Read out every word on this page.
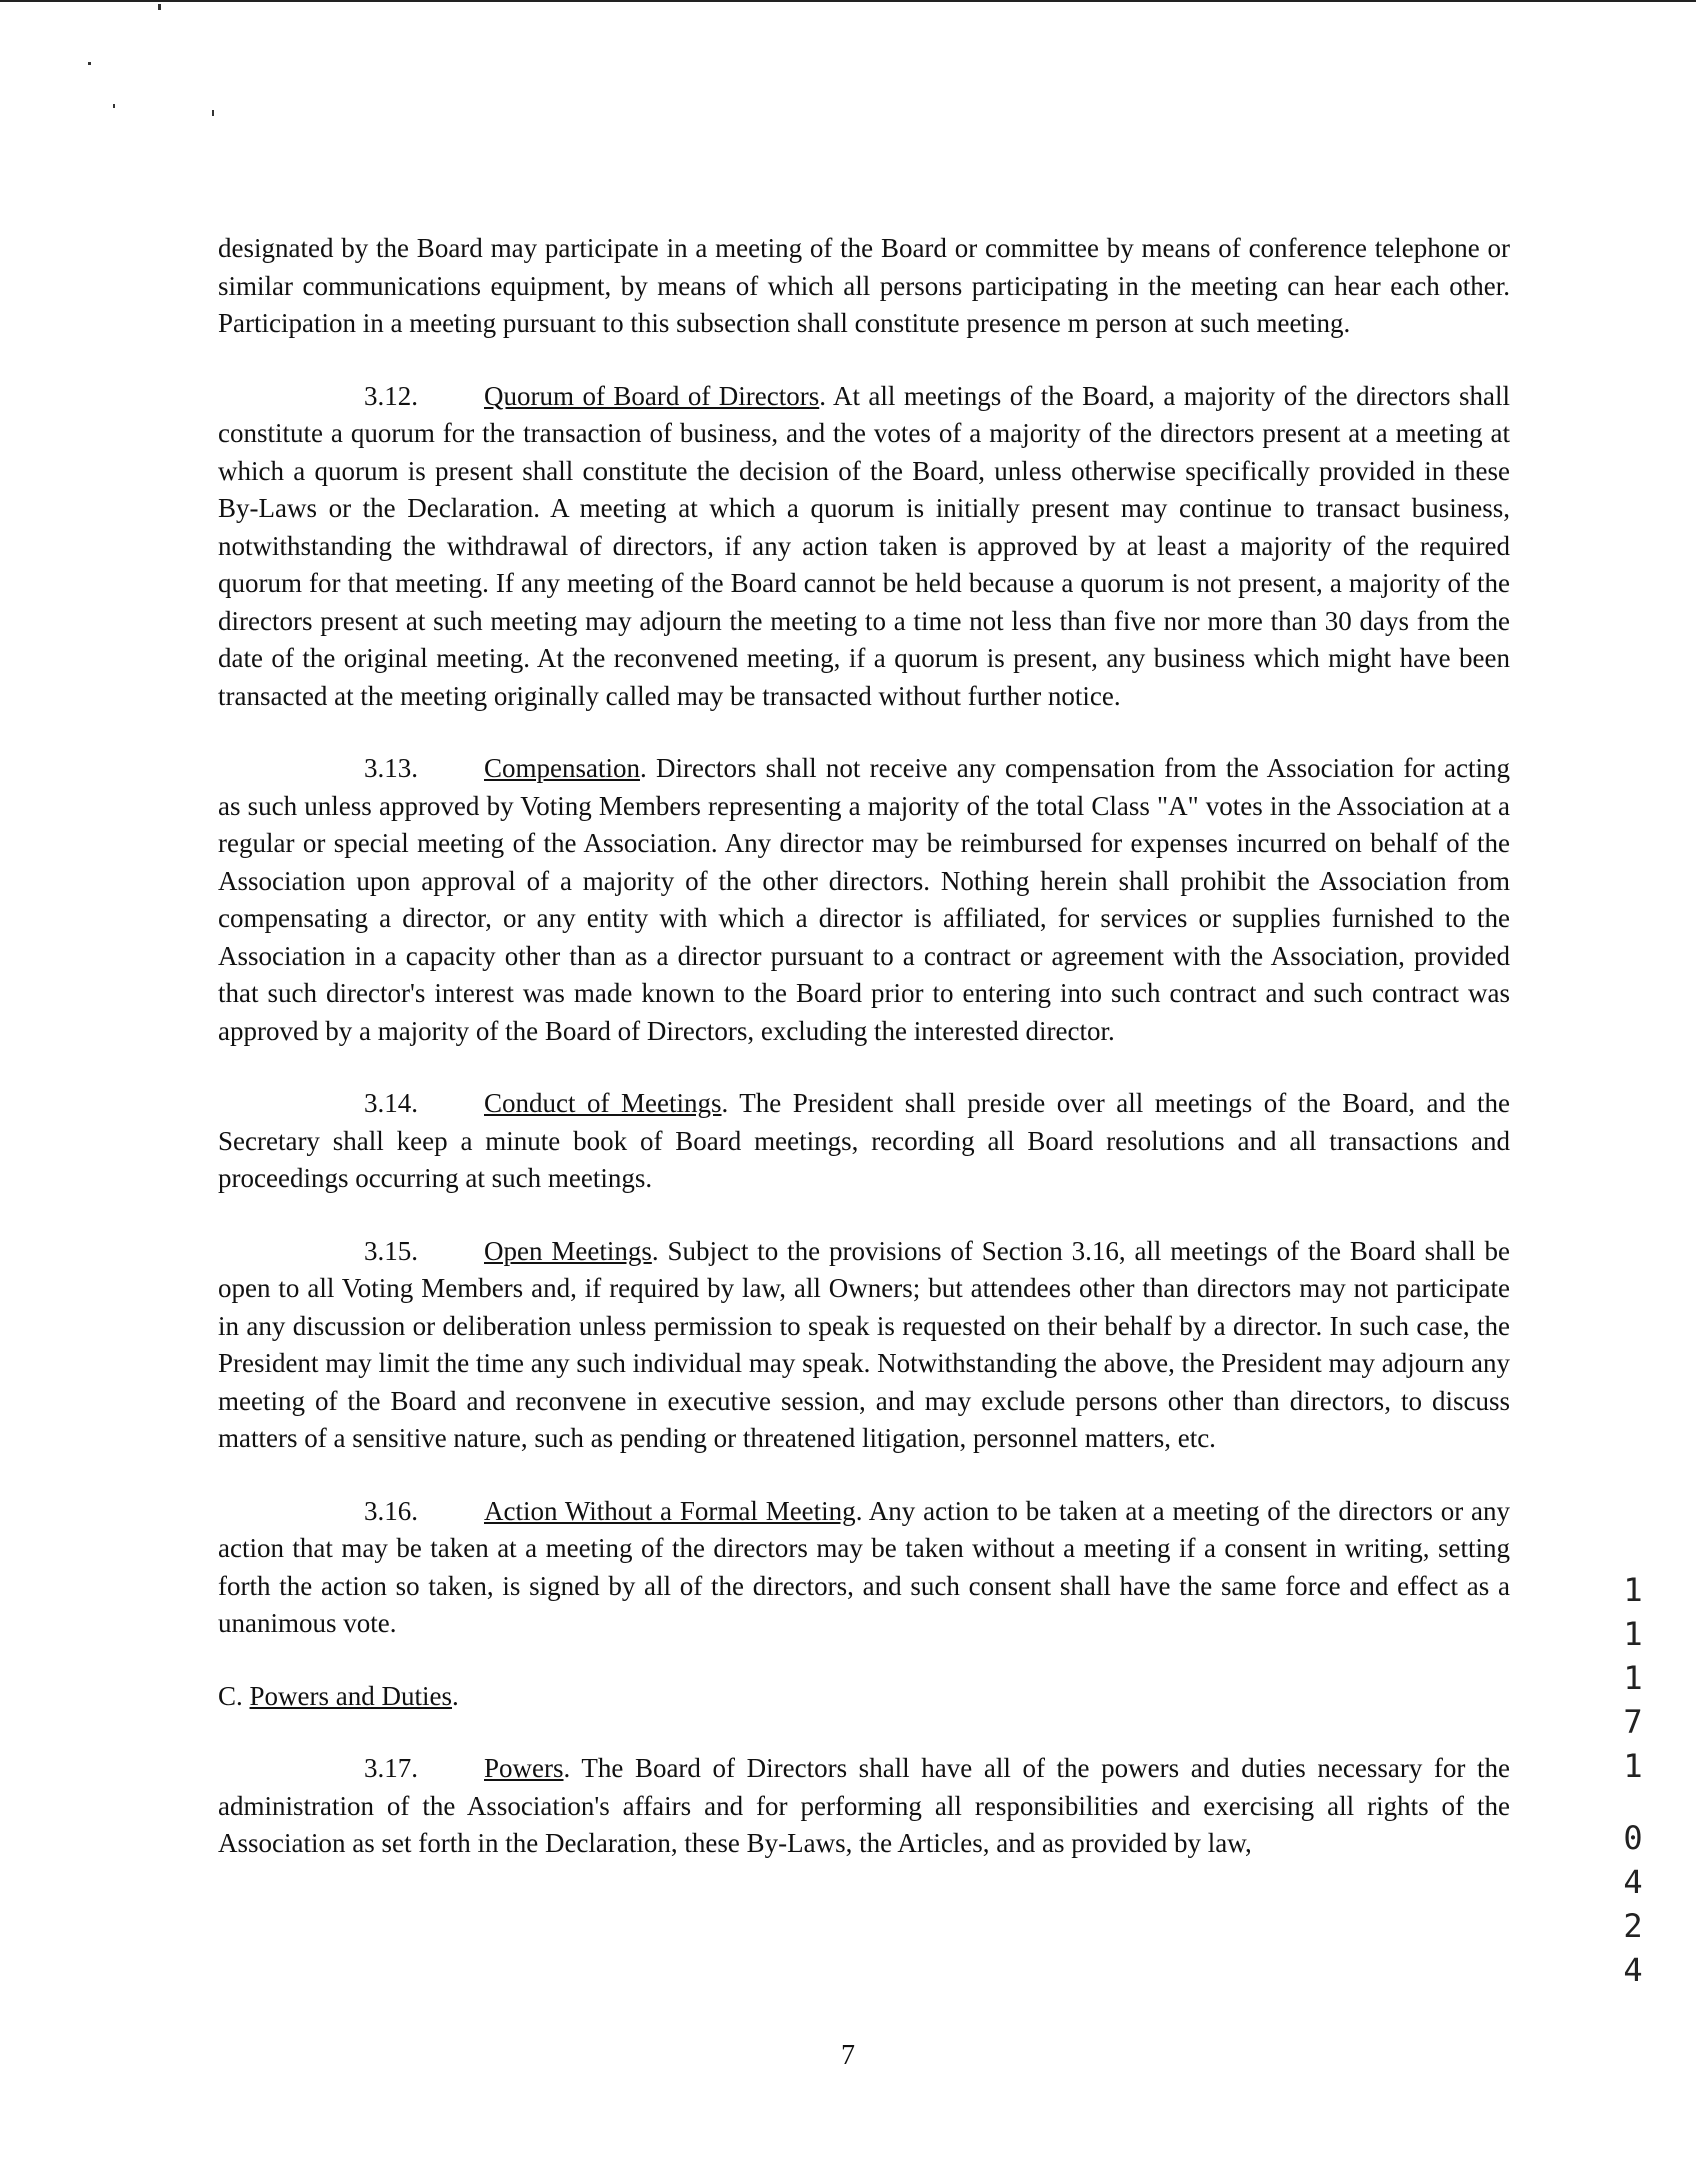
designated by the Board may participate in a meeting of the Board or committee by means of conference telephone or similar communications equipment, by means of which all persons participating in the meeting can hear each other. Participation in a meeting pursuant to this subsection shall constitute presence m person at such meeting.

3.12. Quorum of Board of Directors. At all meetings of the Board, a majority of the directors shall constitute a quorum for the transaction of business, and the votes of a majority of the directors present at a meeting at which a quorum is present shall constitute the decision of the Board, unless otherwise specifically provided in these By-Laws or the Declaration. A meeting at which a quorum is initially present may continue to transact business, notwithstanding the withdrawal of directors, if any action taken is approved by at least a majority of the required quorum for that meeting. If any meeting of the Board cannot be held because a quorum is not present, a majority of the directors present at such meeting may adjourn the meeting to a time not less than five nor more than 30 days from the date of the original meeting. At the reconvened meeting, if a quorum is present, any business which might have been transacted at the meeting originally called may be transacted without further notice.

3.13. Compensation. Directors shall not receive any compensation from the Association for acting as such unless approved by Voting Members representing a majority of the total Class "A" votes in the Association at a regular or special meeting of the Association. Any director may be reimbursed for expenses incurred on behalf of the Association upon approval of a majority of the other directors. Nothing herein shall prohibit the Association from compensating a director, or any entity with which a director is affiliated, for services or supplies furnished to the Association in a capacity other than as a director pursuant to a contract or agreement with the Association, provided that such director's interest was made known to the Board prior to entering into such contract and such contract was approved by a majority of the Board of Directors, excluding the interested director.

3.14. Conduct of Meetings. The President shall preside over all meetings of the Board, and the Secretary shall keep a minute book of Board meetings, recording all Board resolutions and all transactions and proceedings occurring at such meetings.

3.15. Open Meetings. Subject to the provisions of Section 3.16, all meetings of the Board shall be open to all Voting Members and, if required by law, all Owners; but attendees other than directors may not participate in any discussion or deliberation unless permission to speak is requested on their behalf by a director. In such case, the President may limit the time any such individual may speak. Notwithstanding the above, the President may adjourn any meeting of the Board and reconvene in executive session, and may exclude persons other than directors, to discuss matters of a sensitive nature, such as pending or threatened litigation, personnel matters, etc.

3.16. Action Without a Formal Meeting. Any action to be taken at a meeting of the directors or any action that may be taken at a meeting of the directors may be taken without a meeting if a consent in writing, setting forth the action so taken, is signed by all of the directors, and such consent shall have the same force and effect as a unanimous vote.

C. Powers and Duties.

3.17. Powers. The Board of Directors shall have all of the powers and duties necessary for the administration of the Association's affairs and for performing all responsibilities and exercising all rights of the Association as set forth in the Declaration, these By-Laws, the Articles, and as provided by law,

1
1
1
7
1
0
4
2
4
7
